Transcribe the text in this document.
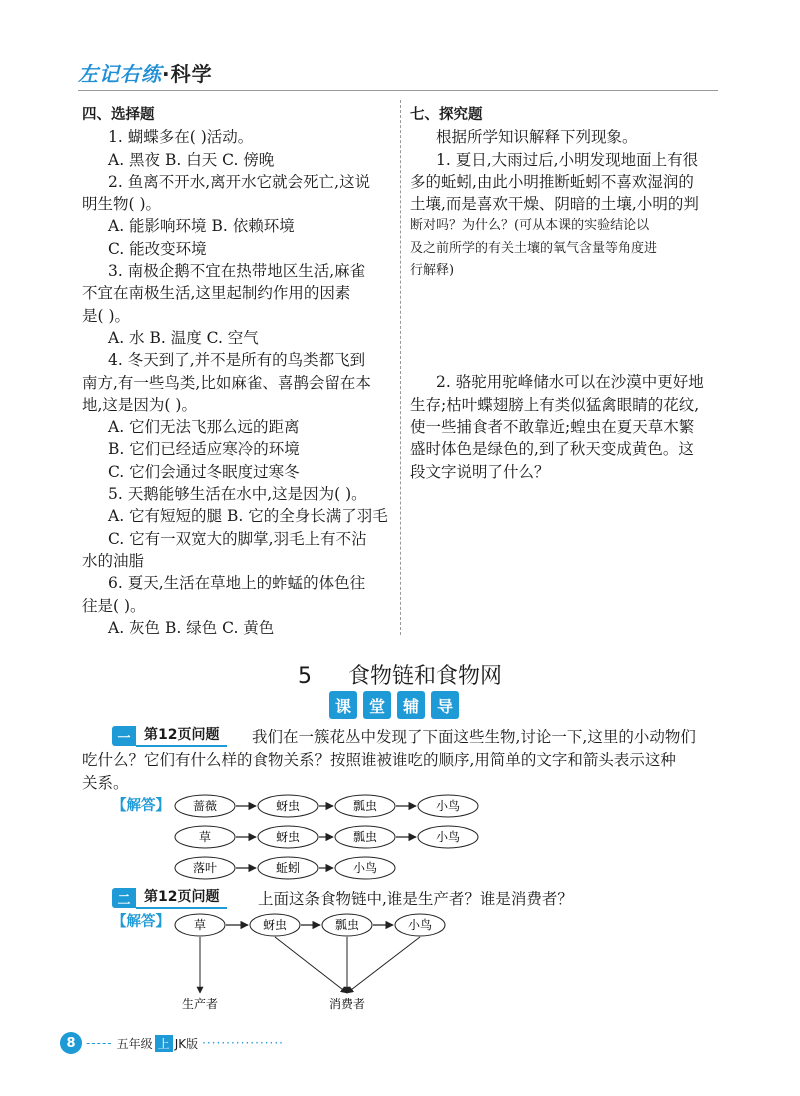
左记右练·科学
四、选择题
1. 蝴蝶多在( )活动。
A. 黑夜 B. 白天 C. 傍晚
2. 鱼离不开水,离开水它就会死亡,这说
明生物( )。
A. 能影响环境 B. 依赖环境
C. 能改变环境
3. 南极企鹅不宜在热带地区生活,麻雀
不宜在南极生活,这里起制约作用的因素
是( )。
A. 水 B. 温度 C. 空气
4. 冬天到了,并不是所有的鸟类都飞到
南方,有一些鸟类,比如麻雀、喜鹊会留在本
地,这是因为( )。
A. 它们无法飞那么远的距离
B. 它们已经适应寒冷的环境
C. 它们会通过冬眠度过寒冬
5. 天鹅能够生活在水中,这是因为( )。
A. 它有短短的腿 B. 它的全身长满了羽毛
C. 它有一双宽大的脚掌,羽毛上有不沾
水的油脂
6. 夏天,生活在草地上的蚱蜢的体色往
往是( )。
A. 灰色 B. 绿色 C. 黄色
七、探究题
根据所学知识解释下列现象。
1. 夏日,大雨过后,小明发现地面上有很
多的蚯蚓,由此小明推断蚯蚓不喜欢湿润的
土壤,而是喜欢干燥、阴暗的土壤,小明的判
断对吗？为什么？(可从本课的实验结论以
及之前所学的有关土壤的氧气含量等角度进
行解释)
2. 骆驼用驼峰储水可以在沙漠中更好地
生存;枯叶蝶翅膀上有类似猛禽眼睛的花纹,
使一些捕食者不敢靠近;蝗虫在夏天草木繁
盛时体色是绿色的,到了秋天变成黄色。这
段文字说明了什么？
5 食物链和食物网
课	堂	辅	导
一 第12页问题	我们在一簇花丛中发现了下面这些生物,讨论一下,这里的小动物们
吃什么？它们有什么样的食物关系？按照谁被谁吃的顺序,用简单的文字和箭头表示这种
关系。
【解答】 蔷薇	蚜虫	瓢虫	小鸟
草	蚜虫	瓢虫	小鸟
落叶	蚯蚓	小鸟
二 第12页问题	上面这条食物链中,谁是生产者？谁是消费者？
【解答】 草	蚜虫	瓢虫	小鸟
生产者	消费者
8 ----- 五年级 上 JK版 ·················
